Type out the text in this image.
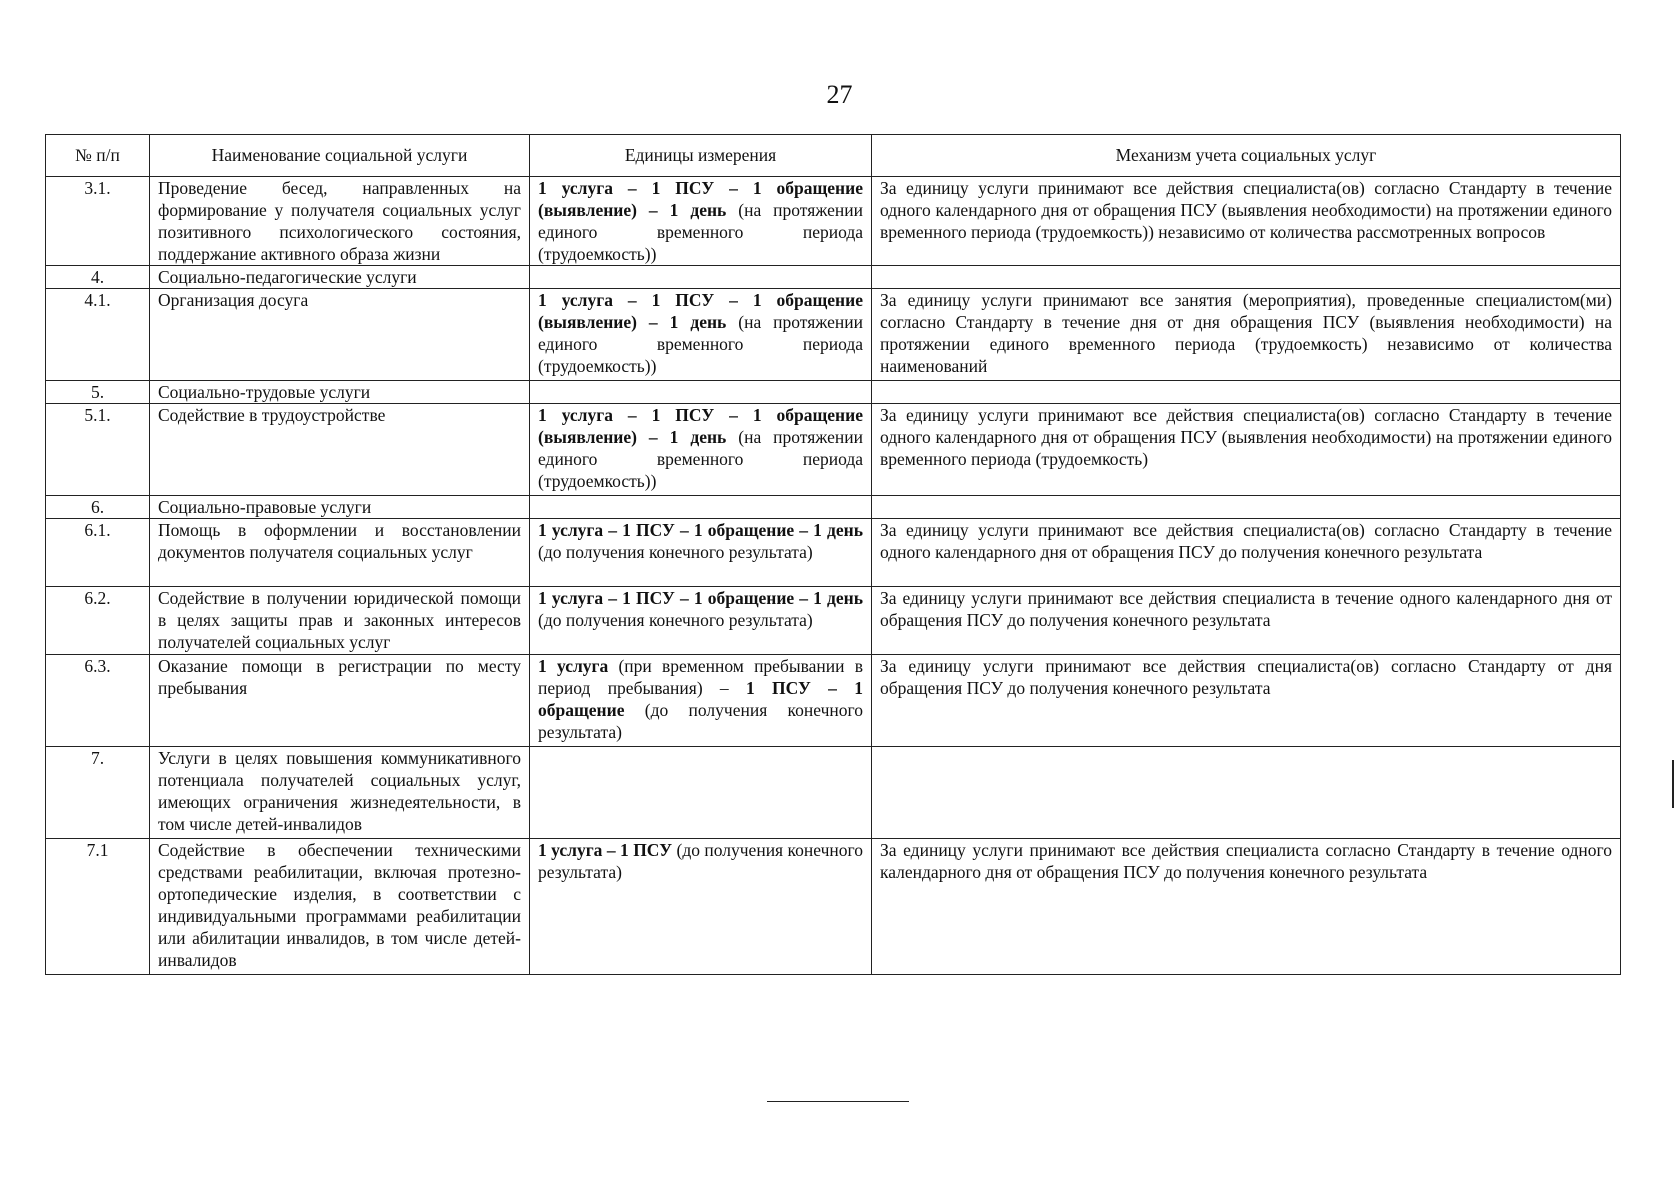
27
№ п/п	Наименование социальной услуги	Единицы измерения	Механизм учета социальных услуг
3.1.	Проведение бесед, направленных на формирование у получателя социальных услуг позитивного психологического состояния, поддержание активного образа жизни	1 услуга – 1 ПСУ – 1 обращение (выявление) – 1 день (на протяжении единого временного периода (трудоемкость))	За единицу услуги принимают все действия специалиста(ов) согласно Стандарту в течение одного календарного дня от обращения ПСУ (выявления необходимости) на протяжении единого временного периода (трудоемкость)) независимо от количества рассмотренных вопросов
4.	Социально-педагогические услуги		
4.1.	Организация досуга	1 услуга – 1 ПСУ – 1 обращение (выявление) – 1 день (на протяжении единого временного периода (трудоемкость))	За единицу услуги принимают все занятия (мероприятия), проведенные специалистом(ми) согласно Стандарту в течение дня от дня обращения ПСУ (выявления необходимости) на протяжении единого временного периода (трудоемкость) независимо от количества наименований
5.	Социально-трудовые услуги		
5.1.	Содействие в трудоустройстве	1 услуга – 1 ПСУ – 1 обращение (выявление) – 1 день (на протяжении единого временного периода (трудоемкость))	За единицу услуги принимают все действия специалиста(ов) согласно Стандарту в течение одного календарного дня от обращения ПСУ (выявления необходимости) на протяжении единого временного периода (трудоемкость)
6.	Социально-правовые услуги		
6.1.	Помощь в оформлении и восстановлении документов получателя социальных услуг	1 услуга – 1 ПСУ – 1 обращение – 1 день (до получения конечного результата)	За единицу услуги принимают все действия специалиста(ов) согласно Стандарту в течение одного календарного дня от обращения ПСУ до получения конечного результата
6.2.	Содействие в получении юридической помощи в целях защиты прав и законных интересов получателей социальных услуг	1 услуга – 1 ПСУ – 1 обращение – 1 день (до получения конечного результата)	За единицу услуги принимают все действия специалиста в течение одного календарного дня от обращения ПСУ до получения конечного результата
6.3.	Оказание помощи в регистрации по месту пребывания	1 услуга (при временном пребывании в период пребывания) – 1 ПСУ – 1 обращение (до получения конечного результата)	За единицу услуги принимают все действия специалиста(ов) согласно Стандарту от дня обращения ПСУ до получения конечного результата
7.	Услуги в целях повышения коммуникативного потенциала получателей социальных услуг, имеющих ограничения жизнедеятельности, в том числе детей-инвалидов		
7.1	Содействие в обеспечении техническими средствами реабилитации, включая протезно-ортопедические изделия, в соответствии с индивидуальными программами реабилитации или абилитации инвалидов, в том числе детей-инвалидов	1 услуга – 1 ПСУ (до получения конечного результата)	За единицу услуги принимают все действия специалиста согласно Стандарту в течение одного календарного дня от обращения ПСУ до получения конечного результата
